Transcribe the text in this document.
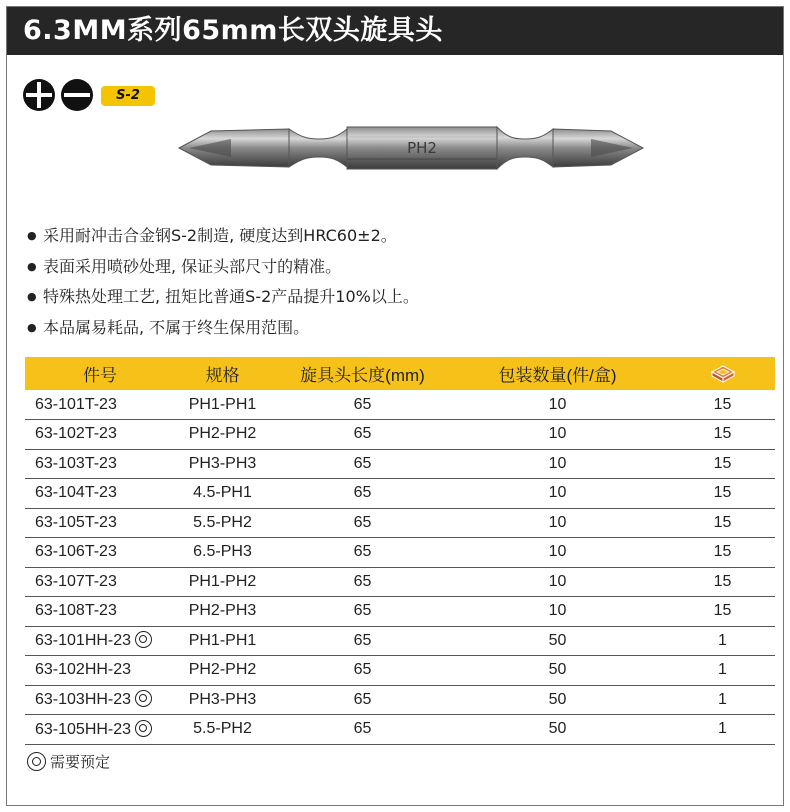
6.3MM系列65mm长双头旋具头
S-2
PH2
● 采用耐冲击合金钢S-2制造, 硬度达到HRC60±2。
● 表面采用喷砂处理, 保证头部尺寸的精准。
● 特殊热处理工艺, 扭矩比普通S-2产品提升10%以上。
● 本品属易耗品, 不属于终生保用范围。
件号	规格	旋具头长度(mm)	包装数量(件/盒)	
63-101T-23	PH1-PH1	65	10	15
63-102T-23	PH2-PH2	65	10	15
63-103T-23	PH3-PH3	65	10	15
63-104T-23	4.5-PH1	65	10	15
63-105T-23	5.5-PH2	65	10	15
63-106T-23	6.5-PH3	65	10	15
63-107T-23	PH1-PH2	65	10	15
63-108T-23	PH2-PH3	65	10	15
63-101HH-23	PH1-PH1	65	50	1
63-102HH-23	PH2-PH2	65	50	1
63-103HH-23	PH3-PH3	65	50	1
63-105HH-23	5.5-PH2	65	50	1
需要预定
